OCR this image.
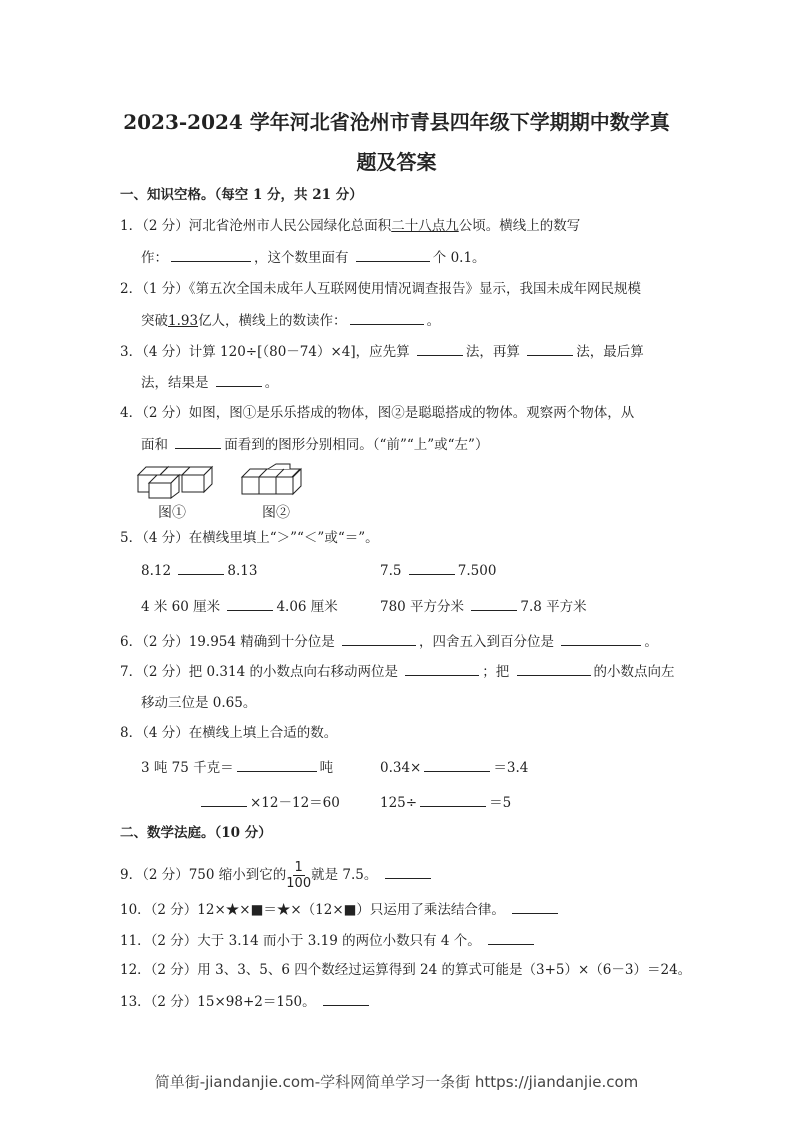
2023-2024 学年河北省沧州市青县四年级下学期期中数学真
题及答案
一、知识空格。（每空 1 分，共 21 分）
1．（2 分）河北省沧州市人民公园绿化总面积二十八点九公顷。横线上的数写
作：	，这个数里面有	个 0.1。
2．（1 分）《第五次全国未成年人互联网使用情况调查报告》显示，我国未成年网民规模
突破1.93亿人，横线上的数读作：	。
3．（4 分）计算 120÷[（80－74）×4]，应先算	法，再算	法，最后算
法，结果是	。
4．（2 分）如图，图①是乐乐搭成的物体，图②是聪聪搭成的物体。观察两个物体，从
面和	面看到的图形分别相同。（“前”“上”或“左”）
5．（4 分）在横线里填上“＞”“＜”或“＝”。
8.12	8.13	7.5	7.500
4 米 60 厘米	4.06 厘米	780 平方分米	7.8 平方米
6．（2 分）19.954 精确到十分位是	，四舍五入到百分位是	。
7．（2 分）把 0.314 的小数点向右移动两位是	；把	的小数点向左
移动三位是 0.65。
8．（4 分）在横线上填上合适的数。
3 吨 75 千克＝	吨	0.34×	＝3.4
×12－12＝60	125÷	＝5
二、数学法庭。（10 分）
9．（2 分）750 缩小到它的 $\frac{1}{100}$ 就是 7.5。
10．（2 分）12×★×■＝★×（12×■）只运用了乘法结合律。
11．（2 分）大于 3.14 而小于 3.19 的两位小数只有 4 个。
12．（2 分）用 3、3、5、6 四个数经过运算得到 24 的算式可能是（3+5）×（6－3）＝24。
13．（2 分）15×98+2＝150。
图①	图②
简单街-jiandanjie.com-学科网简单学习一条街 https://jiandanjie.com
